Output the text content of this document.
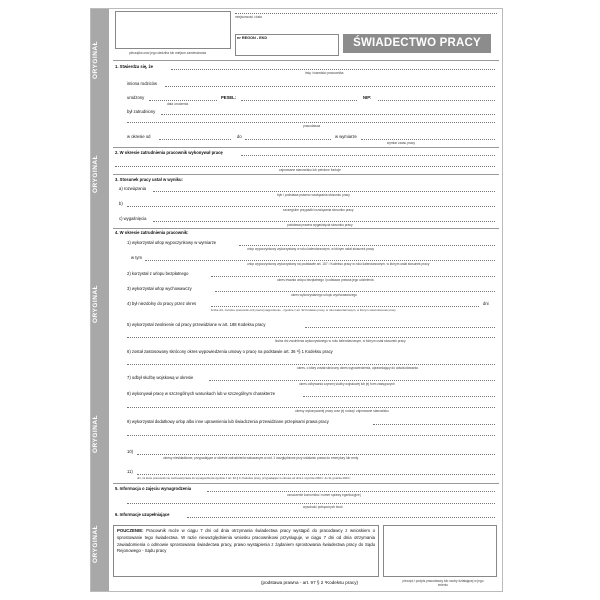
ORYGINAŁ
ORYGINAŁ
ORYGINAŁ
ORYGINAŁ
ORYGINAŁ
pieczątka oraz jego siedziba lub miejsce zamieszkania
miejscowość i data
nr REGON - EKD	ŚWIADECTWO PRACY
1. Stwierdza się, że
imię i nazwisko pracownika
imiona rodziców
urodzony
data urodzenia
PESEL:	NIP:
był zatrudniony
pracodawca
w okresie od	do	w wymiarze
wymiar czasu pracy
2. W okresie zatrudnienia pracownik wykonywał pracę
zajmowane stanowisko lub pełnione funkcje
3. Stosunek pracy ustał w wyniku:
a) rozwiązania
tryb i podstawa prawna rozwiązania stosunku pracy
b)
szczególne przypadki rozwiązania stosunku pracy
c) wygaśnięcia
podstawa prawna wygaśnięcia stosunku pracy
4. W okresie zatrudnienia pracownik:
1) wykorzystał urlop wypoczynkowy w wymiarze
urlop wypoczynkowy wykorzystany w roku kalendarzowym, w którym ustał stosunek pracy
w tym
urlop wypoczynkowy wykorzystany na podstawie art. 167 ² Kodeksu pracy w roku kalendarzowym, w którym ustał stosunek pracy
2) korzystał z urlopu bezpłatnego
okres trwania urlopu bezpłatnego i podstawa prawna jego udzielenia
3) wykorzystał urlop wychowawczy
okres wykorzystanego urlopu wychowawczego
4) był niezdolny do pracy przez okres	dni
liczba dni, za które pracownik otrzymał wynagrodzenie - zgodnie z art. 92 Kodeksu pracy, w roku kalendarzowym, w którym ustał stosunek pracy
5) wykorzystał zwolnienie od pracy przewidziane w art. 188 Kodeksu pracy
liczba dni zwolnienia wykorzystanego w roku kalendarzowym, w którym ustał stosunek pracy
6) został zastosowany skrócony okres wypowiedzenia umowy o pracę na podstawie art. 36 ¹§ 1 Kodeksu pracy
okres, o który został skrócony okres wypowiedzenia, uprawniający do odszkodowania
7) odbył służbę wojskową w okresie
okres odbywania czynnej służby wojskowej lub jej form zastępczych
8) wykonywał pracę w szczególnych warunkach lub w szczególnym charakterze
okresy wykonywanej pracy oraz jej rodzaj i zajmowane stanowisko
9) wykorzystał dodatkowy urlop albo inne uprawnienia lub świadczenia przewidziane przepisami prawa pracy
10)
okresy nieskładkowe, przypadające w okresie zatrudnienia wskazanym w ust. 1 uwzględnione przy ustalaniu prawa do emerytury lub renty
11)
dni, za które pracownik nie zachował prawa do wynagrodzenia zgodnie z art. 92 § 1¹ Kodeksu pracy, przypadające w okresie od dnia 1 stycznia 2003 r. do 31 grudnia 2003 r.
5. Informacja o zajęciu wynagrodzenia
oznaczenie komornika i numer sprawy egzekucyjnej
wysokość potrąconych kwot
6. Informacje uzupełniające
POUCZENIE: Pracownik może w ciągu 7 dni od dnia otrzymania świadectwa pracy wystąpić do pracodawcy z wnioskiem o sprostowanie tego świadectwa. W razie nieuwzględnienia wniosku pracownikowi przysługuje, w ciągu 7 dni od dnia otrzymania zawiadomienia o odmowie sprostowania świadectwa pracy, prawo wystąpienia z żądaniem sprostowania świadectwa pracy do Sądu Rejonowego - Sądu pracy
(podstawa prawna - art. 97 § 2 ¹Kodeksu pracy)	pieczęć i podpis pracodawcy lub osoby działającej w jego imieniu
